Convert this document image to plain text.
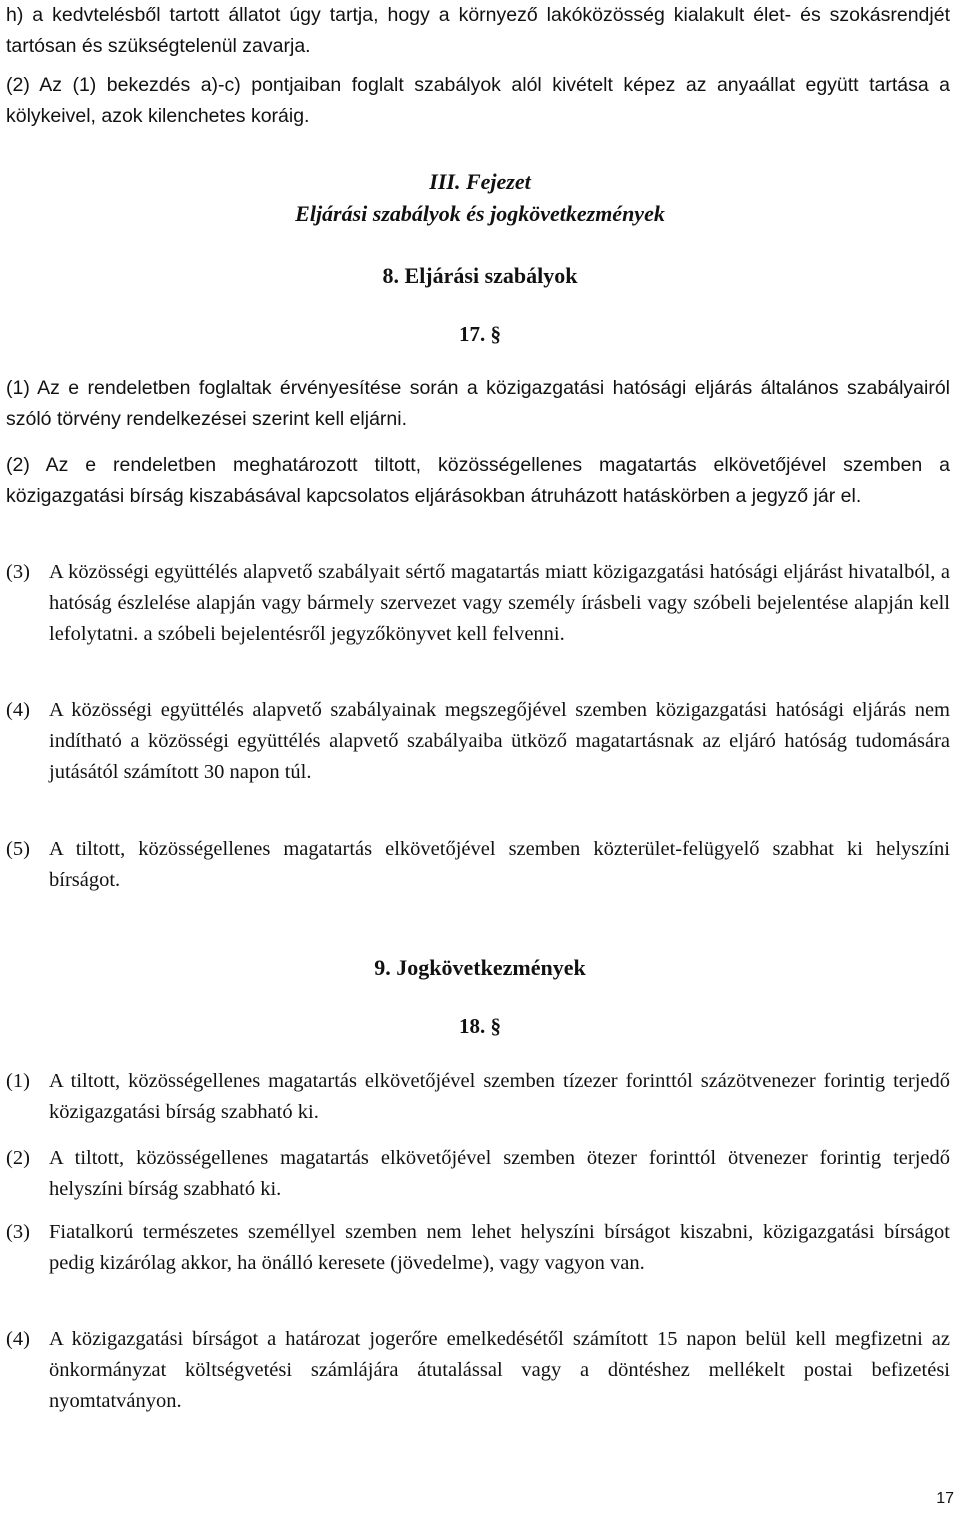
h) a kedvtelésből tartott állatot úgy tartja, hogy a környező lakóközösség kialakult élet- és szokásrendjét tartósan és szükségtelenül zavarja.
(2) Az (1) bekezdés a)-c) pontjaiban foglalt szabályok alól kivételt képez az anyaállat együtt tartása a kölykeivel, azok kilenchetes koráig.
III. Fejezet
Eljárási szabályok és jogkövetkezmények
8. Eljárási szabályok
17. §
(1) Az e rendeletben foglaltak érvényesítése során a közigazgatási hatósági eljárás általános szabályairól szóló törvény rendelkezései szerint kell eljárni.
(2) Az e rendeletben meghatározott tiltott, közösségellenes magatartás elkövetőjével szemben a közigazgatási bírság kiszabásával kapcsolatos eljárásokban átruházott hatáskörben a jegyző jár el.
(3) A közösségi együttélés alapvető szabályait sértő magatartás miatt közigazgatási hatósági eljárást hivatalból, a hatóság észlelése alapján vagy bármely szervezet vagy személy írásbeli vagy szóbeli bejelentése alapján kell lefolytatni. a szóbeli bejelentésről jegyzőkönyvet kell felvenni.
(4) A közösségi együttélés alapvető szabályainak megszegőjével szemben közigazgatási hatósági eljárás nem indítható a közösségi együttélés alapvető szabályaiba ütköző magatartásnak az eljáró hatóság tudomására jutásától számított 30 napon túl.
(5) A tiltott, közösségellenes magatartás elkövetőjével szemben közterület-felügyelő szabhat ki helyszíni bírságot.
9. Jogkövetkezmények
18. §
(1) A tiltott, közösségellenes magatartás elkövetőjével szemben tízezer forinttól százötvenezer forintig terjedő közigazgatási bírság szabható ki.
(2) A tiltott, közösségellenes magatartás elkövetőjével szemben ötezer forinttól ötvenezer forintig terjedő helyszíni bírság szabható ki.
(3) Fiatalkorú természetes személlyel szemben nem lehet helyszíni bírságot kiszabni, közigazgatási bírságot pedig kizárólag akkor, ha önálló keresete (jövedelme), vagy vagyon van.
(4) A közigazgatási bírságot a határozat jogerőre emelkedésétől számított 15 napon belül kell megfizetni az önkormányzat költségvetési számlájára átutalással vagy a döntéshez mellékelt postai befizetési nyomtatványon.
17
